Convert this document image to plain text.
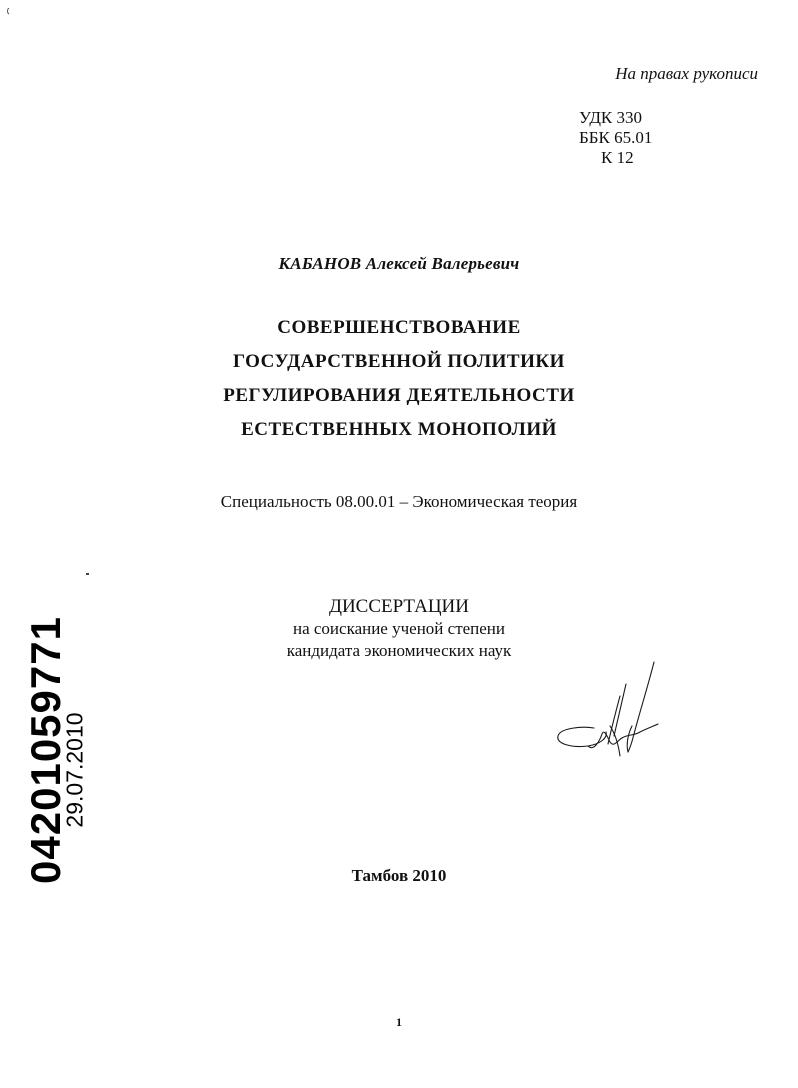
На правах рукописи
УДК 330
ББК 65.01
К 12
КАБАНОВ Алексей Валерьевич
СОВЕРШЕНСТВОВАНИЕ
ГОСУДАРСТВЕННОЙ ПОЛИТИКИ
РЕГУЛИРОВАНИЯ ДЕЯТЕЛЬНОСТИ
ЕСТЕСТВЕННЫХ МОНОПОЛИЙ
Специальность 08.00.01 – Экономическая теория
ДИССЕРТАЦИИ
на соискание ученой степени
кандидата экономических наук
04201059771
29.07.2010
Тамбов 2010
1
